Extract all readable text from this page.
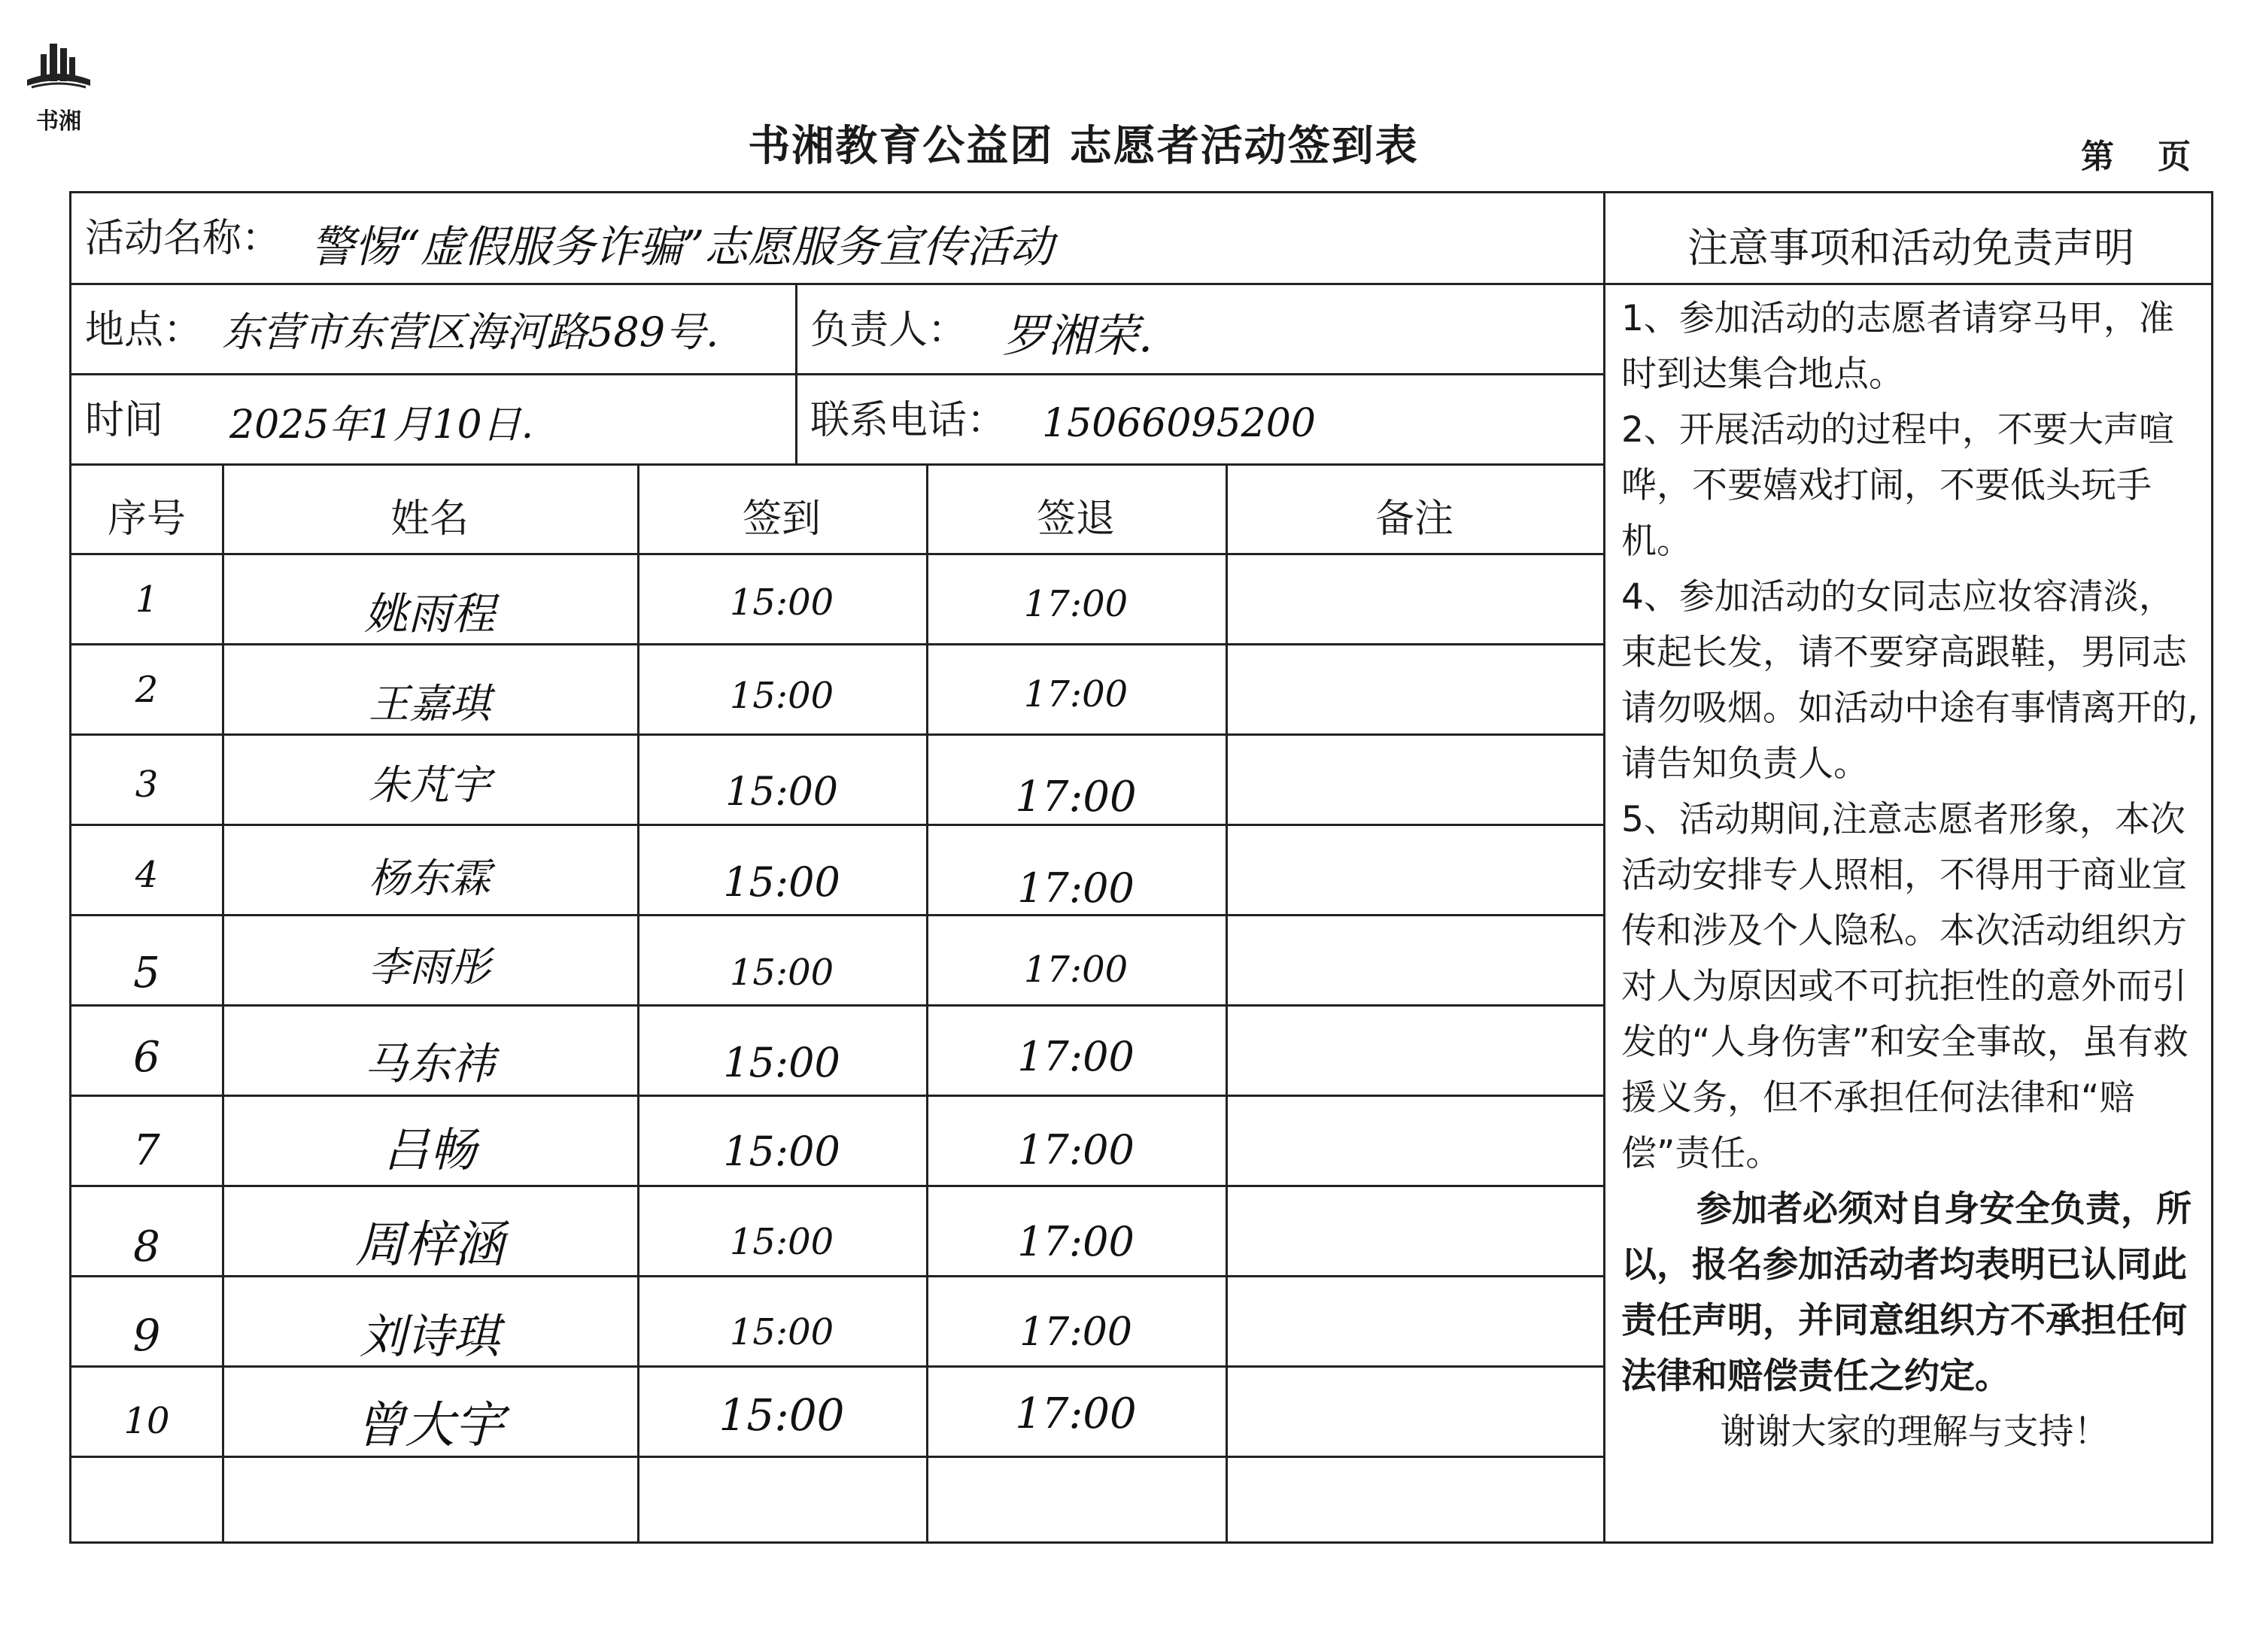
书湘
书湘教育公益团 志愿者活动签到表	第 页
活动名称： 警惕“虚假服务诈骗”志愿服务宣传活动
地点： 东营市东营区海河路589号. 负责人： 罗湘荣.
时间 2025年1月10日.	联系电话： 15066095200
序号	姓名	签到	签退	备注
1	姚雨程	15:00	17:00
2	王嘉琪	15:00	17:00
3	朱芃宇	15:00	17:00
4	杨东霖	15:00	17:00
5	李雨彤	15:00	17:00
6	马东祎	15:00	17:00
7	吕畅	15:00	17:00
8	周梓涵	15:00	17:00
9	刘诗琪	15:00	17:00
10	曾大宇	15:00	17:00
注意事项和活动免责声明

1、参加活动的志愿者请穿马甲，准时到达集合地点。

2、开展活动的过程中，不要大声喧哗，不要嬉戏打闹，不要低头玩手机。

4、参加活动的女同志应妆容清淡，束起长发，请不要穿高跟鞋，男同志请勿吸烟。如活动中途有事情离开的,请告知负责人。

5、活动期间,注意志愿者形象，本次活动安排专人照相，不得用于商业宣传和涉及个人隐私。本次活动组织方对人为原因或不可抗拒性的意外而引发的“人身伤害”和安全事故，虽有救援义务，但不承担任何法律和“赔偿”责任。

参加者必须对自身安全负责，所以，报名参加活动者均表明已认同此责任声明，并同意组织方不承担任何法律和赔偿责任之约定。

谢谢大家的理解与支持！
